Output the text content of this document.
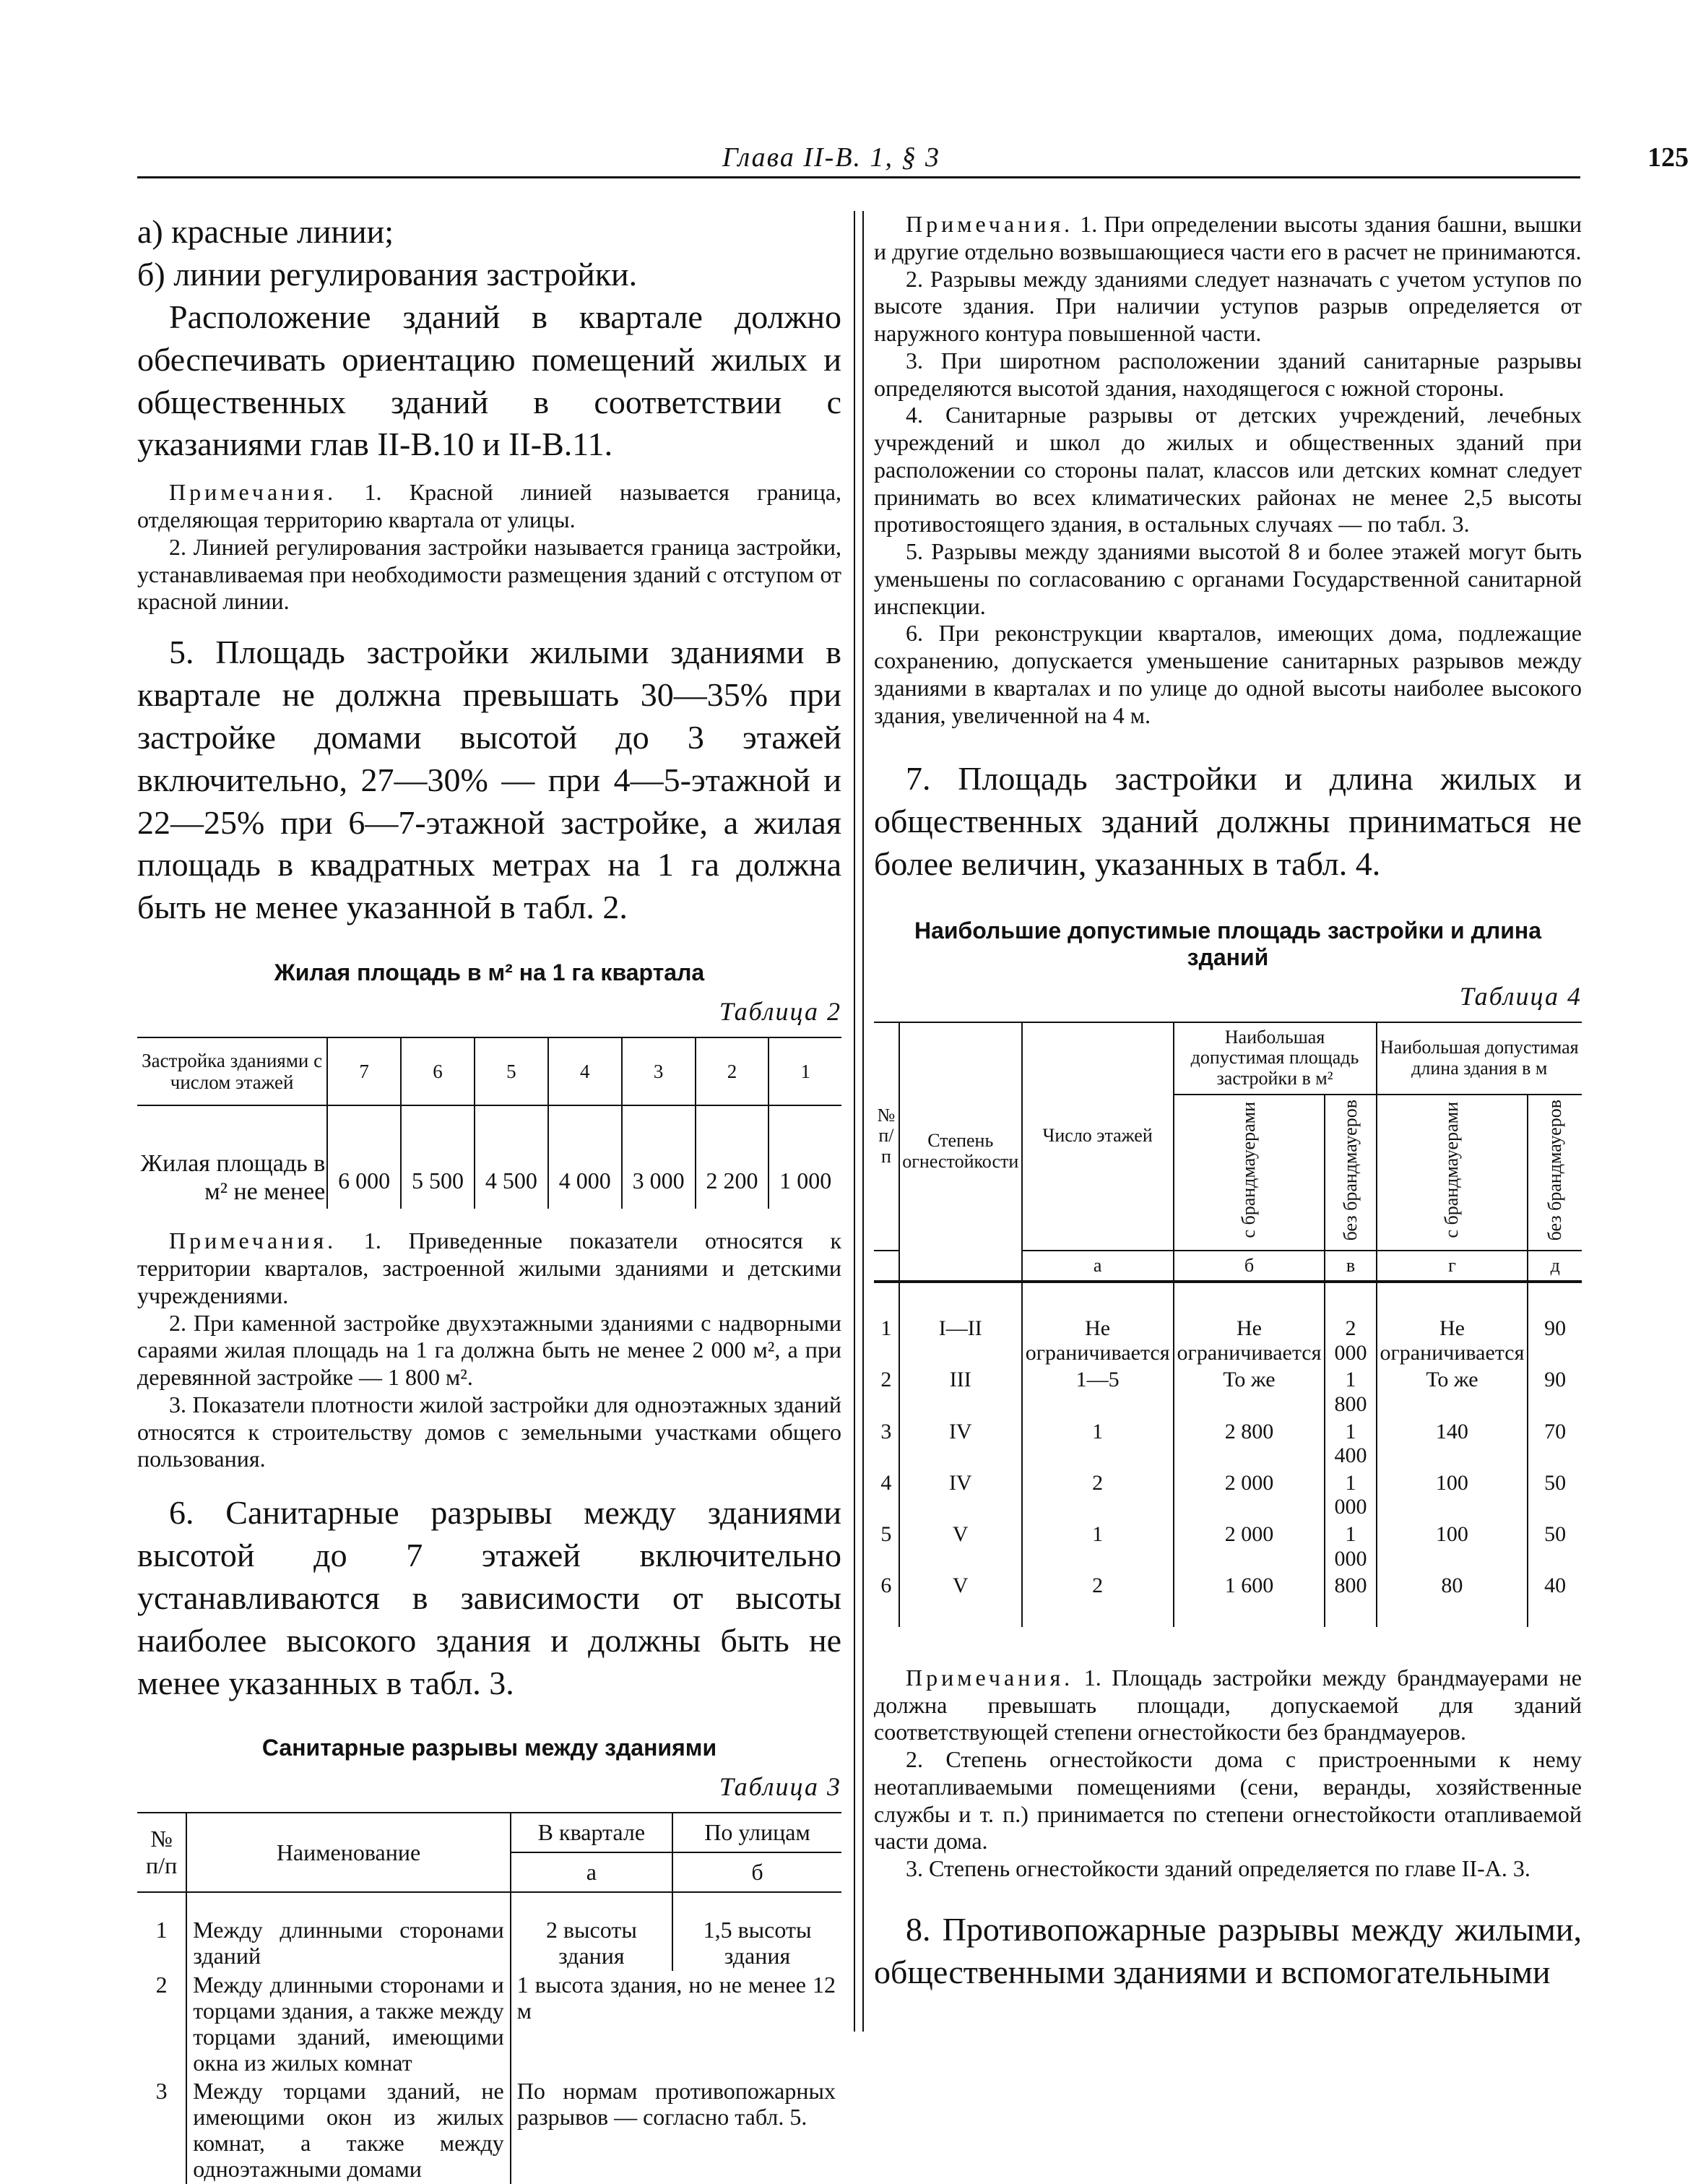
Глава II-В. 1, § 3	125

а) красные линии;

б) линии регулирования застройки.

Расположение зданий в квартале должно обеспечивать ориентацию помещений жилых и общественных зданий в соответствии с указаниями глав II-В.10 и II-В.11.

Примечания. 1. Красной линией называется граница, отделяющая территорию квартала от улицы.

2. Линией регулирования застройки называется граница застройки, устанавливаемая при необходимости размещения зданий с отступом от красной линии.

5. Площадь застройки жилыми зданиями в квартале не должна превышать 30—35% при застройке домами высотой до 3 этажей включительно, 27—30% — при 4—5-этажной и 22—25% при 6—7-этажной застройке, а жилая площадь в квадратных метрах на 1 га должна быть не менее указанной в табл. 2.

Жилая площадь в м² на 1 га квартала
Таблица 2
Застройка зданиями с числом этажей	7	6	5	4	3	2	1
Жилая площадь в м² не менее	6 000	5 500	4 500	4 000	3 000	2 200	1 000

Примечания. 1. Приведенные показатели относятся к территории кварталов, застроенной жилыми зданиями и детскими учреждениями.

2. При каменной застройке двухэтажными зданиями с надворными сараями жилая площадь на 1 га должна быть не менее 2 000 м², а при деревянной застройке — 1 800 м².

3. Показатели плотности жилой застройки для одноэтажных зданий относятся к строительству домов с земельными участками общего пользования.

6. Санитарные разрывы между зданиями высотой до 7 этажей включительно устанавливаются в зависимости от высоты наиболее высокого здания и должны быть не менее указанных в табл. 3.

Санитарные разрывы между зданиями
Таблица 3
№ п/п	Наименование	В квартале	По улицам
		а	б
1	Между длинными сторонами зданий	2 высоты здания	1,5 высоты здания
2	Между длинными сторонами и торцами здания, а также между торцами зданий, имеющими окна из жилых комнат	1 высота здания, но не менее 12 м	
3	Между торцами зданий, не имеющими окон из жилых комнат, а также между одноэтажными домами	По нормам противопожарных разрывов — согласно табл. 5.	

Примечания. 1. При определении высоты здания башни, вышки и другие отдельно возвышающиеся части его в расчет не принимаются.

2. Разрывы между зданиями следует назначать с учетом уступов по высоте здания. При наличии уступов разрыв определяется от наружного контура повышенной части.

3. При широтном расположении зданий санитарные разрывы определяются высотой здания, находящегося с южной стороны.

4. Санитарные разрывы от детских учреждений, лечебных учреждений и школ до жилых и общественных зданий при расположении со стороны палат, классов или детских комнат следует принимать во всех климатических районах не менее 2,5 высоты противостоящего здания, в остальных случаях — по табл. 3.

5. Разрывы между зданиями высотой 8 и более этажей могут быть уменьшены по согласованию с органами Государственной санитарной инспекции.

6. При реконструкции кварталов, имеющих дома, подлежащие сохранению, допускается уменьшение санитарных разрывов между зданиями в кварталах и по улице до одной высоты наиболее высокого здания, увеличенной на 4 м.

7. Площадь застройки и длина жилых и общественных зданий должны приниматься не более величин, указанных в табл. 4.

Наибольшие допустимые площадь застройки и длина зданий
Таблица 4
№ п/п	Степень огнестойкости	Число этажей	Наибольшая допустимая площадь застройки в м²		Наибольшая допустимая длина здания в м	
			с брандмауерами	без брандмауеров	с брандмауерами	без брандмауеров
		а	б	в	г	д
1	I—II	Не ограничивается	Не ограничивается	2 000	Не ограничивается	90
2	III	1—5	То же	1 800	То же	90
3	IV	1	2 800	1 400	140	70
4	IV	2	2 000	1 000	100	50
5	V	1	2 000	1 000	100	50
6	V	2	1 600	800	80	40

Примечания. 1. Площадь застройки между брандмауерами не должна превышать площади, допускаемой для зданий соответствующей степени огнестойкости без брандмауеров.

2. Степень огнестойкости дома с пристроенными к нему неотапливаемыми помещениями (сени, веранды, хозяйственные службы и т. п.) принимается по степени огнестойкости отапливаемой части дома.

3. Степень огнестойкости зданий определяется по главе II-А. 3.

8. Противопожарные разрывы между жилыми, общественными зданиями и вспомогательными
